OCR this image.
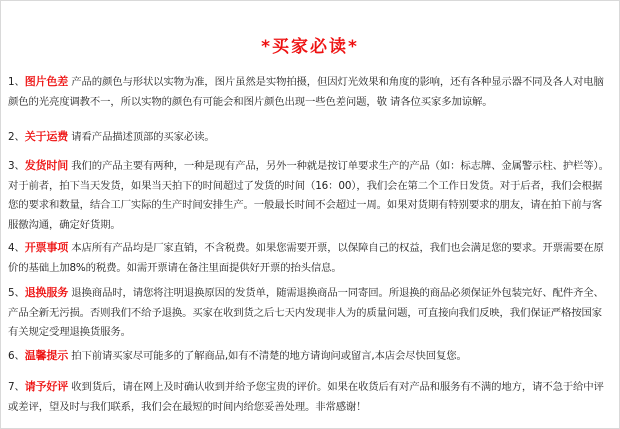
*买家必读*
1、图片色差 产品的颜色与形状以实物为准，图片虽然是实物拍摄，但因灯光效果和角度的影响，还有各种显示器不同及各人对电脑颜色的光亮度调教不一，所以实物的颜色有可能会和图片颜色出现一些色差问题，敬 请各位买家多加谅解。
2、关于运费 请看产品描述顶部的买家必读。
3、发货时间 我们的产品主要有两种，一种是现有产品，另外一种就是按订单要求生产的产品（如：标志牌、金属警示柱、护栏等）。对于前者，拍下当天发货，如果当天拍下的时间超过了发货的时间（16：00），我们会在第二个工作日发货。对于后者，我们会根据您的要求和数量，结合工厂实际的生产时间安排生产。一般最长时间不会超过一周。如果对货期有特别要求的朋友，请在拍下前与客服徼沟通，确定好货期。
4、开票事项 本店所有产品均是厂家直销，不含税费。如果您需要开票，以保障自己的权益，我们也会满足您的要求。开票需要在原价的基础上加8%的税费。如需开票请在备注里面提供好开票的抬头信息。
5、退换服务 退换商品时，请您将注明退换原因的发货单，随需退换商品一同寄回。所退换的商品必须保证外包装完好、配件齐全、产品全新无污损。否则我们不给予退换。买家在收到货之后七天内发现非人为的质量问题，可直接向我们反映，我们保证严格按国家有关规定受理退换货服务。
6、温馨提示 拍下前请买家尽可能多的了解商品,如有不清楚的地方请询问或留言,本店会尽快回复您。
7、请予好评 收到货后，请在网上及时确认收到并给予您宝贵的评价。如果在收货后有对产品和服务有不满的地方，请不急于给中评或差评，望及时与我们联系，我们会在最短的时间内给您妥善处理。非常感谢！
